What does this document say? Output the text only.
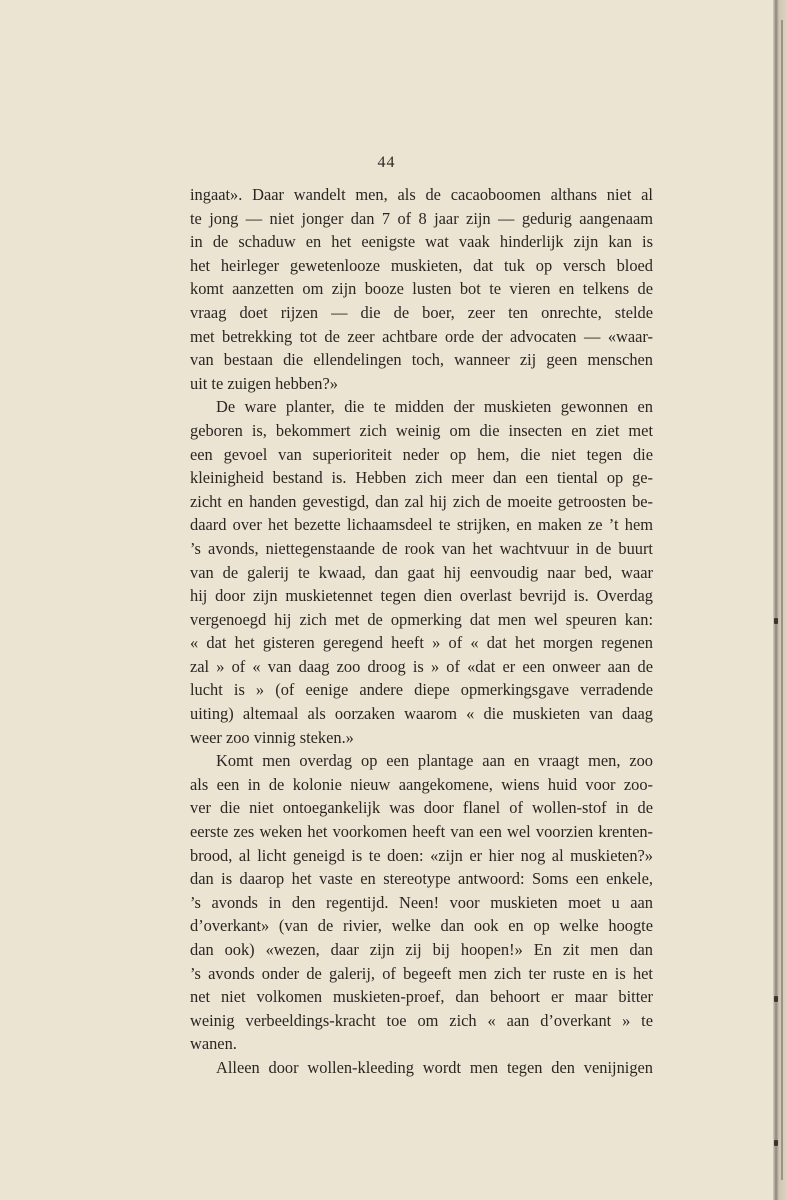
44
ingaat». Daar wandelt men, als de cacaoboomen althans niet al
te jong — niet jonger dan 7 of 8 jaar zijn — gedurig aangenaam
in de schaduw en het eenigste wat vaak hinderlijk zijn kan is
het heirleger gewetenlooze muskieten, dat tuk op versch bloed
komt aanzetten om zijn booze lusten bot te vieren en telkens de
vraag doet rijzen — die de boer, zeer ten onrechte, stelde
met betrekking tot de zeer achtbare orde der advocaten — «waar-
van bestaan die ellendelingen toch, wanneer zij geen menschen
uit te zuigen hebben?»
De ware planter, die te midden der muskieten gewonnen en
geboren is, bekommert zich weinig om die insecten en ziet met
een gevoel van superioriteit neder op hem, die niet tegen die
kleinigheid bestand is. Hebben zich meer dan een tiental op ge-
zicht en handen gevestigd, dan zal hij zich de moeite getroosten be-
daard over het bezette lichaamsdeel te strijken, en maken ze ’t hem
’s avonds, niettegenstaande de rook van het wachtvuur in de buurt
van de galerij te kwaad, dan gaat hij eenvoudig naar bed, waar
hij door zijn muskietennet tegen dien overlast bevrijd is. Overdag
vergenoegd hij zich met de opmerking dat men wel speuren kan:
« dat het gisteren geregend heeft » of « dat het morgen regenen
zal » of « van daag zoo droog is » of «dat er een onweer aan de
lucht is » (of eenige andere diepe opmerkingsgave verradende
uiting) altemaal als oorzaken waarom « die muskieten van daag
weer zoo vinnig steken.»
Komt men overdag op een plantage aan en vraagt men, zoo
als een in de kolonie nieuw aangekomene, wiens huid voor zoo-
ver die niet ontoegankelijk was door flanel of wollen-stof in de
eerste zes weken het voorkomen heeft van een wel voorzien krenten-
brood, al licht geneigd is te doen: «zijn er hier nog al muskieten?»
dan is daarop het vaste en stereotype antwoord: Soms een enkele,
’s avonds in den regentijd. Neen! voor muskieten moet u aan
d’overkant» (van de rivier, welke dan ook en op welke hoogte
dan ook) «wezen, daar zijn zij bij hoopen!» En zit men dan
’s avonds onder de galerij, of begeeft men zich ter ruste en is het
net niet volkomen muskieten-proef, dan behoort er maar bitter
weinig verbeeldings-kracht toe om zich « aan d’overkant » te
wanen.
Alleen door wollen-kleeding wordt men tegen den venijnigen
